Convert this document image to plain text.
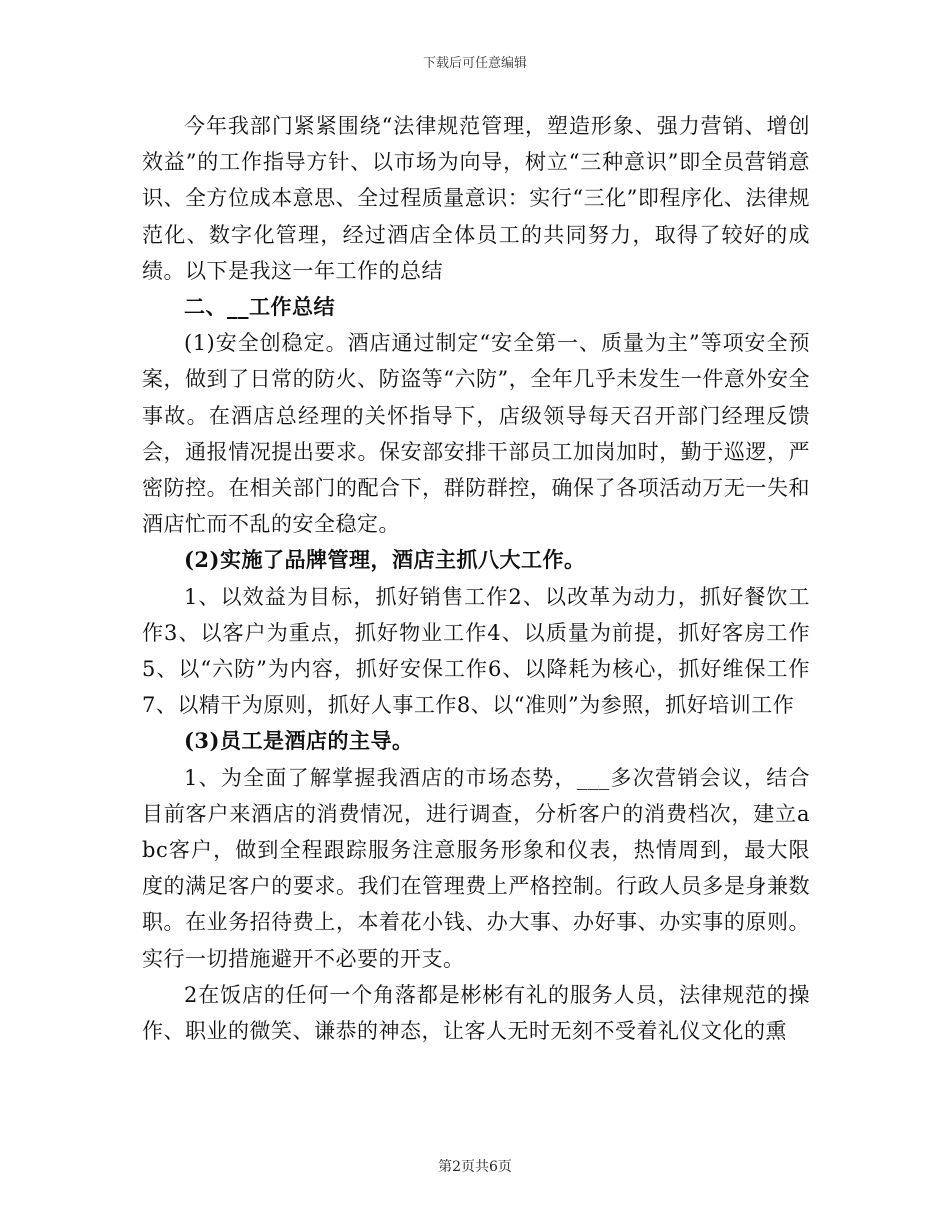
下载后可任意编辑

今年我部门紧紧围绕“法律规范管理，塑造形象、强力营销、增创效益”的工作指导方针、以市场为向导，树立“三种意识”即全员营销意识、全方位成本意思、全过程质量意识：实行“三化”即程序化、法律规范化、数字化管理，经过酒店全体员工的共同努力，取得了较好的成绩。以下是我这一年工作的总结

二、__工作总结

(1)安全创稳定。酒店通过制定“安全第一、质量为主”等项安全预案，做到了日常的防火、防盗等“六防”，全年几乎未发生一件意外安全事故。在酒店总经理的关怀指导下，店级领导每天召开部门经理反馈会，通报情况提出要求。保安部安排干部员工加岗加时，勤于巡逻，严密防控。在相关部门的配合下，群防群控，确保了各项活动万无一失和酒店忙而不乱的安全稳定。

(2)实施了品牌管理，酒店主抓八大工作。

1、以效益为目标，抓好销售工作2、以改革为动力，抓好餐饮工作3、以客户为重点，抓好物业工作4、以质量为前提，抓好客房工作5、以“六防”为内容，抓好安保工作6、以降耗为核心，抓好维保工作7、以精干为原则，抓好人事工作8、以“准则”为参照，抓好培训工作

(3)员工是酒店的主导。

1、为全面了解掌握我酒店的市场态势，___多次营销会议，结合目前客户来酒店的消费情况，进行调查，分析客户的消费档次，建立abc客户，做到全程跟踪服务注意服务形象和仪表，热情周到，最大限度的满足客户的要求。我们在管理费上严格控制。行政人员多是身兼数职。在业务招待费上，本着花小钱、办大事、办好事、办实事的原则。实行一切措施避开不必要的开支。

2在饭店的任何一个角落都是彬彬有礼的服务人员，法律规范的操作、职业的微笑、谦恭的神态，让客人无时无刻不受着礼仪文化的熏

第2页共6页
